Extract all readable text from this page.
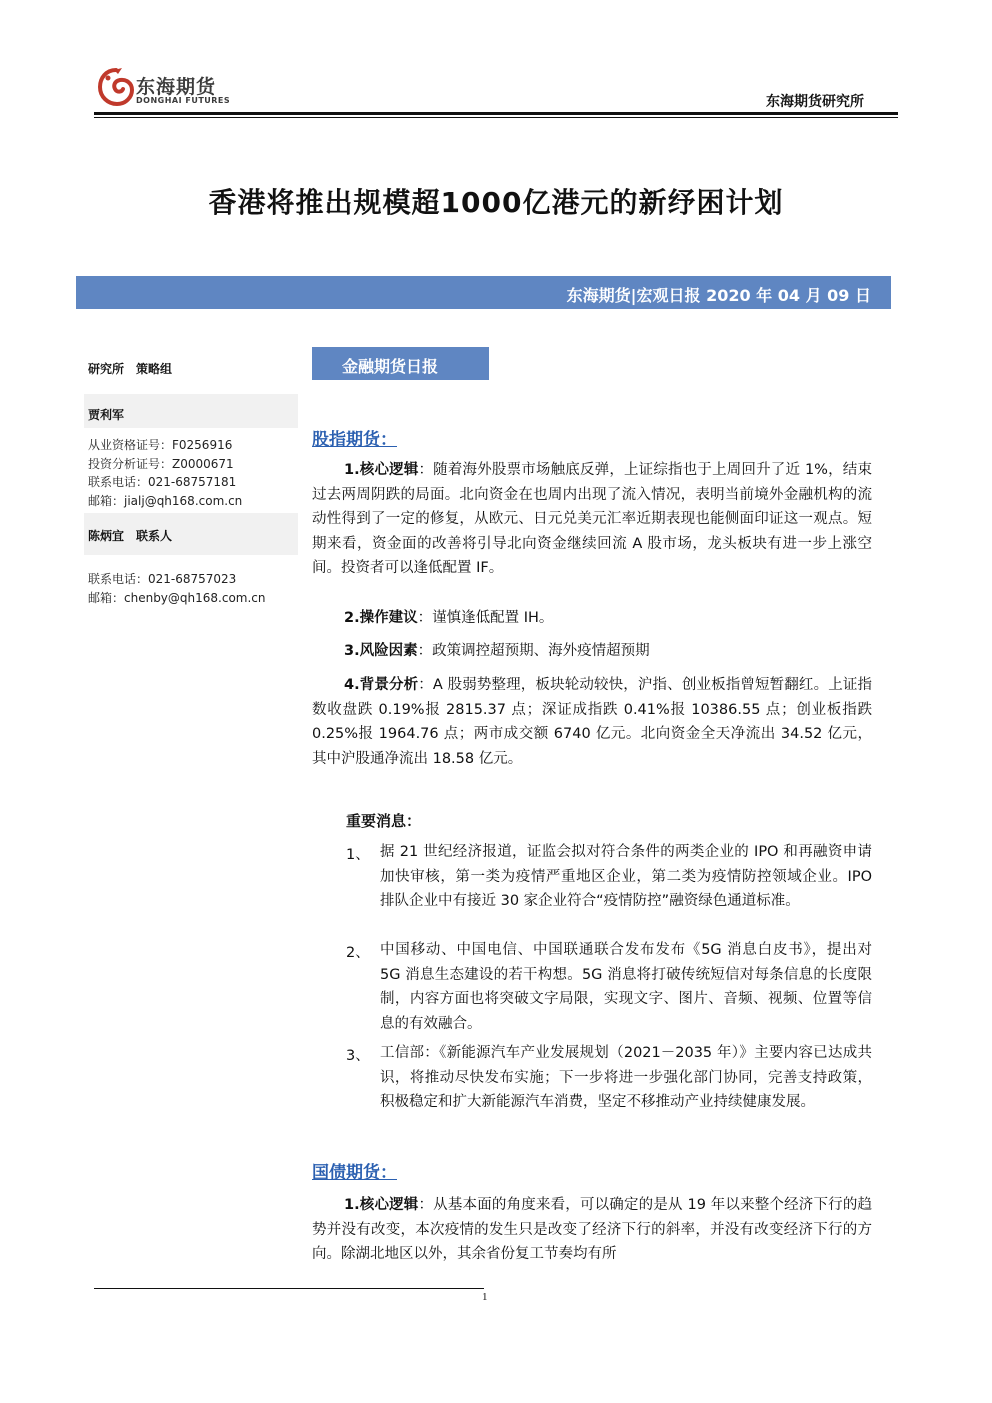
东海期货
DONGHAI FUTURES	东海期货研究所
香港将推出规模超1000亿港元的新纾困计划
东海期货|宏观日报 2020 年 04 月 09 日
研究所　策略组
贾利军
从业资格证号：F0256916
投资分析证号：Z0000671
联系电话：021-68757181
邮箱：jialj@qh168.com.cn
陈炳宜　联系人
联系电话：021-68757023
邮箱：chenby@qh168.com.cn
金融期货日报
股指期货：
1.核心逻辑：随着海外股票市场触底反弹，上证综指也于上周回升了近 1%，结束过去两周阴跌的局面。北向资金在也周内出现了流入情况，表明当前境外金融机构的流动性得到了一定的修复，从欧元、日元兑美元汇率近期表现也能侧面印证这一观点。短期来看，资金面的改善将引导北向资金继续回流 A 股市场，龙头板块有进一步上涨空间。投资者可以逢低配置 IF。
2.操作建议：谨慎逢低配置 IH。
3.风险因素：政策调控超预期、海外疫情超预期
4.背景分析：A 股弱势整理，板块轮动较快，沪指、创业板指曾短暂翻红。上证指数收盘跌 0.19%报 2815.37 点；深证成指跌 0.41%报 10386.55 点；创业板指跌 0.25%报 1964.76 点；两市成交额 6740 亿元。北向资金全天净流出 34.52 亿元，其中沪股通净流出 18.58 亿元。
重要消息：
1、 据 21 世纪经济报道，证监会拟对符合条件的两类企业的 IPO 和再融资申请加快审核，第一类为疫情严重地区企业，第二类为疫情防控领域企业。IPO 排队企业中有接近 30 家企业符合“疫情防控”融资绿色通道标准。
2、 中国移动、中国电信、中国联通联合发布发布《5G 消息白皮书》，提出对 5G 消息生态建设的若干构想。5G 消息将打破传统短信对每条信息的长度限制，内容方面也将突破文字局限，实现文字、图片、音频、视频、位置等信息的有效融合。
3、 工信部：《新能源汽车产业发展规划（2021－2035 年）》主要内容已达成共识，将推动尽快发布实施；下一步将进一步强化部门协同，完善支持政策，积极稳定和扩大新能源汽车消费，坚定不移推动产业持续健康发展。
国债期货：
1.核心逻辑：从基本面的角度来看，可以确定的是从 19 年以来整个经济下行的趋势并没有改变，本次疫情的发生只是改变了经济下行的斜率，并没有改变经济下行的方向。除湖北地区以外，其余省份复工节奏均有所
1
